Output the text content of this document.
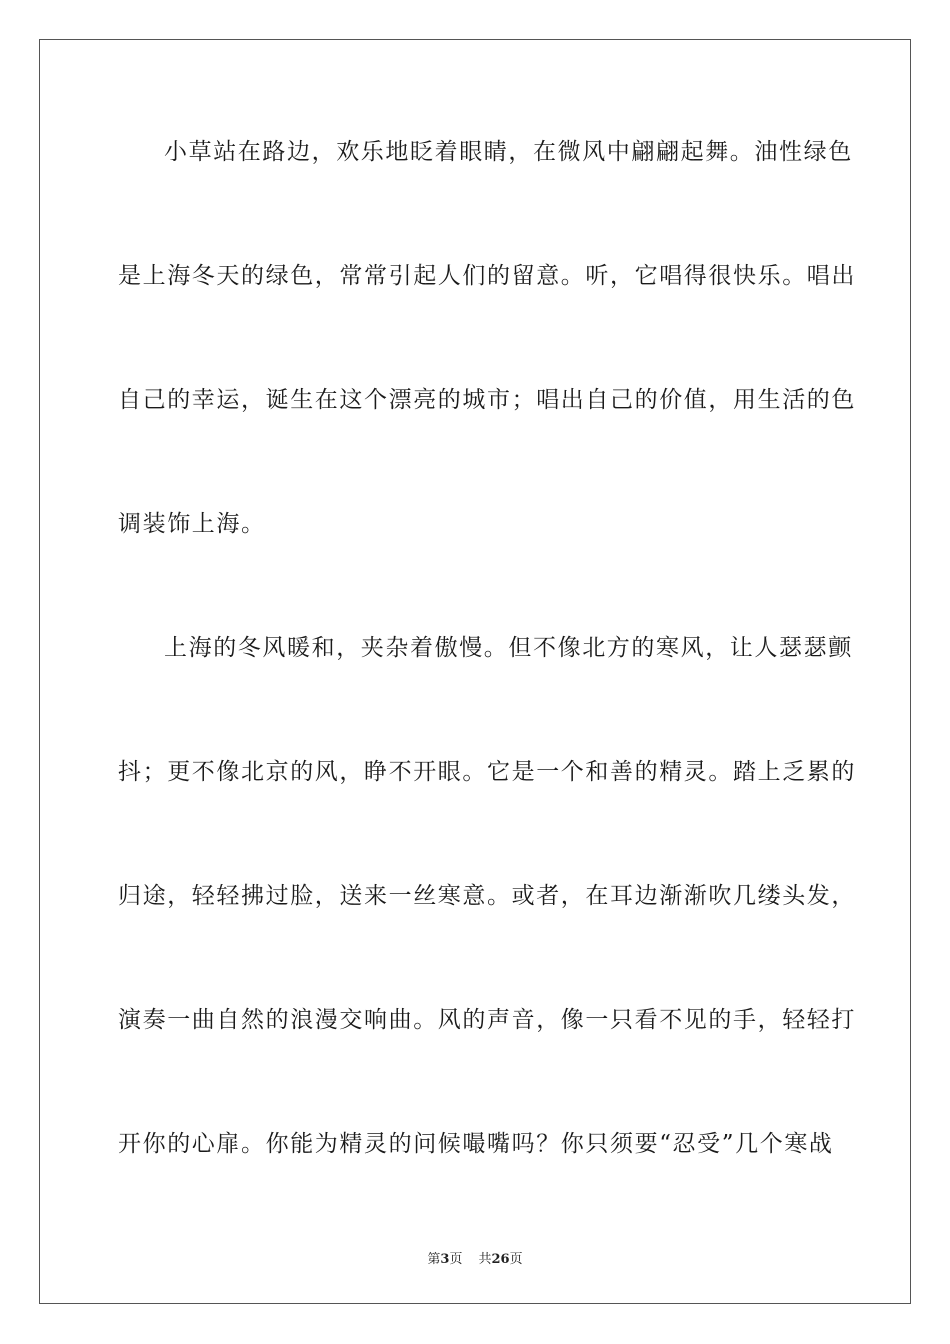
小草站在路边，欢乐地眨着眼睛，在微风中翩翩起舞。油性绿色
是上海冬天的绿色，常常引起人们的留意。听，它唱得很快乐。唱出
自己的幸运，诞生在这个漂亮的城市；唱出自己的价值，用生活的色
调装饰上海。
上海的冬风暖和，夹杂着傲慢。但不像北方的寒风，让人瑟瑟颤
抖；更不像北京的风，睁不开眼。它是一个和善的精灵。踏上乏累的
归途，轻轻拂过脸，送来一丝寒意。或者，在耳边渐渐吹几缕头发，
演奏一曲自然的浪漫交响曲。风的声音，像一只看不见的手，轻轻打
开你的心扉。你能为精灵的问候嘬嘴吗？你只须要“忍受”几个寒战
第3页 共26页
